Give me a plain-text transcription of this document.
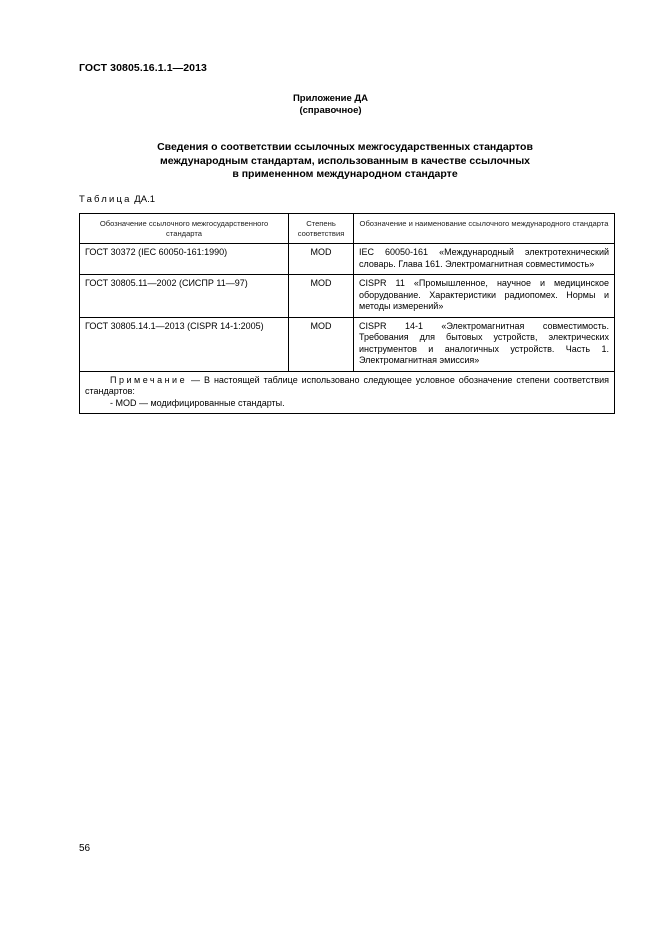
ГОСТ 30805.16.1.1—2013
Приложение ДА
(справочное)
Сведения о соответствии ссылочных межгосударственных стандартов
международным стандартам, использованным в качестве ссылочных
в примененном международном стандарте
Таблица ДА.1
Обозначение ссылочного межгосударственного стандарта	Степень соответствия	Обозначение и наименование ссылочного международного стандарта
ГОСТ 30372 (IEC 60050-161:1990)	MOD	IEC 60050-161 «Международный электротехнический словарь. Глава 161. Электромагнитная совместимость»
ГОСТ 30805.11—2002 (СИСПР 11—97)	MOD	CISPR 11 «Промышленное, научное и медицинское оборудование. Характеристики радиопомех. Нормы и методы измерений»
ГОСТ 30805.14.1—2013 (CISPR 14-1:2005)	MOD	CISPR 14-1 «Электромагнитная совместимость. Требования для бытовых устройств, электрических инструментов и аналогичных устройств. Часть 1. Электромагнитная эмиссия»

Примечание — В настоящей таблице использовано следующее условное обозначение степени соответствия стандартов:
- MOD — модифицированные стандарты.		
56
